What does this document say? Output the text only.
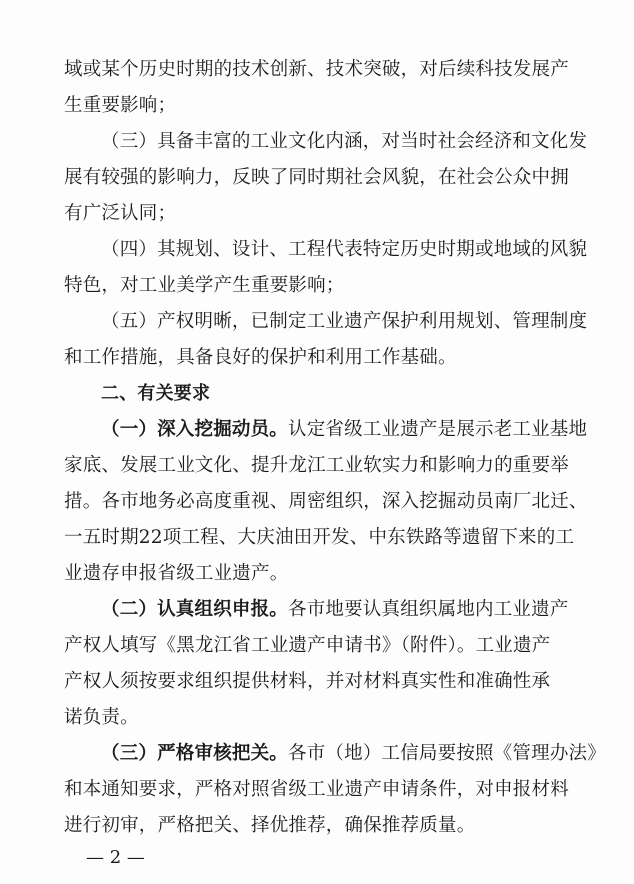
域或某个历史时期的技术创新、技术突破，对后续科技发展产
生重要影响；
（三）具备丰富的工业文化内涵，对当时社会经济和文化发
展有较强的影响力，反映了同时期社会风貌，在社会公众中拥
有广泛认同；
（四）其规划、设计、工程代表特定历史时期或地域的风貌
特色，对工业美学产生重要影响；
（五）产权明晰，已制定工业遗产保护利用规划、管理制度
和工作措施，具备良好的保护和利用工作基础。
二、有关要求
（一）深入挖掘动员。认定省级工业遗产是展示老工业基地
家底、发展工业文化、提升龙江工业软实力和影响力的重要举
措。各市地务必高度重视、周密组织，深入挖掘动员南厂北迁、
一五时期22项工程、大庆油田开发、中东铁路等遗留下来的工
业遗存申报省级工业遗产。
（二）认真组织申报。各市地要认真组织属地内工业遗产
产权人填写《黑龙江省工业遗产申请书》（附件）。工业遗产
产权人须按要求组织提供材料，并对材料真实性和准确性承
诺负责。
（三）严格审核把关。各市（地）工信局要按照《管理办法》
和本通知要求，严格对照省级工业遗产申请条件，对申报材料
进行初审，严格把关、择优推荐，确保推荐质量。
— 2 —
